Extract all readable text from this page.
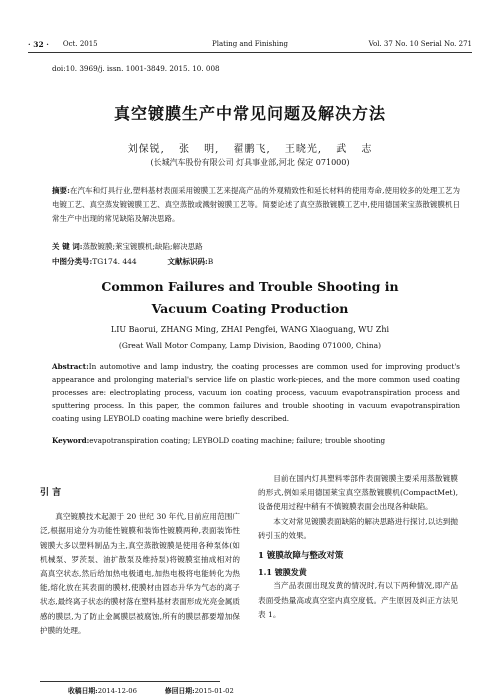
· 32 · Oct. 2015	Plating and Finishing	Vol. 37 No. 10 Serial No. 271
doi:10. 3969/j. issn. 1001-3849. 2015. 10. 008
真空镀膜生产中常见问题及解决方法
刘保锐, 张 明, 翟鹏飞, 王晓光, 武 志
(长城汽车股份有限公司 灯具事业部,河北 保定 071000)
摘要:在汽车和灯具行业,塑料基材表面采用镀膜工艺来提高产品的外观精致性和延长材料的使用寿命,使用较多的处理工艺为电镀工艺、真空蒸发镀镀膜工艺、真空蒸散或溅射镀膜工艺等。简要论述了真空蒸散镀膜工艺中,使用德国莱宝蒸散镀膜机日常生产中出现的常见缺陷及解决思路。
关 键 词:蒸散镀膜;莱宝镀膜机;缺陷;解决思路
中图分类号:TG174. 444	文献标识码:B
Common Failures and Trouble Shooting in
Vacuum Coating Production
LIU Baorui, ZHANG Ming, ZHAI Pengfei, WANG Xiaoguang, WU Zhi
(Great Wall Motor Company, Lamp Division, Baoding 071000, China)
Abstract:In automotive and lamp industry, the coating processes are common used for improving product's appearance and prolonging material's service life on plastic work-pieces, and the more common used coating processes are: electroplating process, vacuum ion coating process, vacuum evapotranspiration process and sputtering process. In this paper, the common failures and trouble shooting in vacuum evapotranspiration coating using LEYBOLD coating machine were briefly described.
Keyword:evapotranspiration coating; LEYBOLD coating machine; failure; trouble shooting
引 言

真空镀膜技术起源于 20 世纪 30 年代,目前应用范围广泛,根据用途分为功能性镀膜和装饰性镀膜两种,表面装饰性镀膜大多以塑料制品为主,真空蒸散镀膜是使用各种泵体(如机械泵、罗茨泵、油扩散泵及维持泵)将镀膜室抽成相对的高真空状态,然后给加热电极通电,加热电极将电能转化为热能,熔化放在其表面的膜材,使膜材由固态升华为气态的离子状态,最终离子状态的膜材落在塑料基材表面形成光亮金属质感的膜层,为了防止金属膜层被腐蚀,所有的膜层都要增加保护膜的处理。

目前在国内灯具塑料零部件表面镀膜主要采用蒸散镀膜的形式,例如采用德国莱宝真空蒸散镀膜机(CompactMet),设备使用过程中稍有不慎镀膜表面会出现各种缺陷。

本文对常见镀膜表面缺陷的解决思路进行探讨,以达到抛砖引玉的效果。

1 镀膜故障与整改对策
1.1 镀膜发黄

当产品表面出现发黄的情况时,有以下两种情况,即产品表面受热量高或真空室内真空度低。产生原因及纠正方法见表 1。

收稿日期:2014-12-06	修回日期:2015-01-02
